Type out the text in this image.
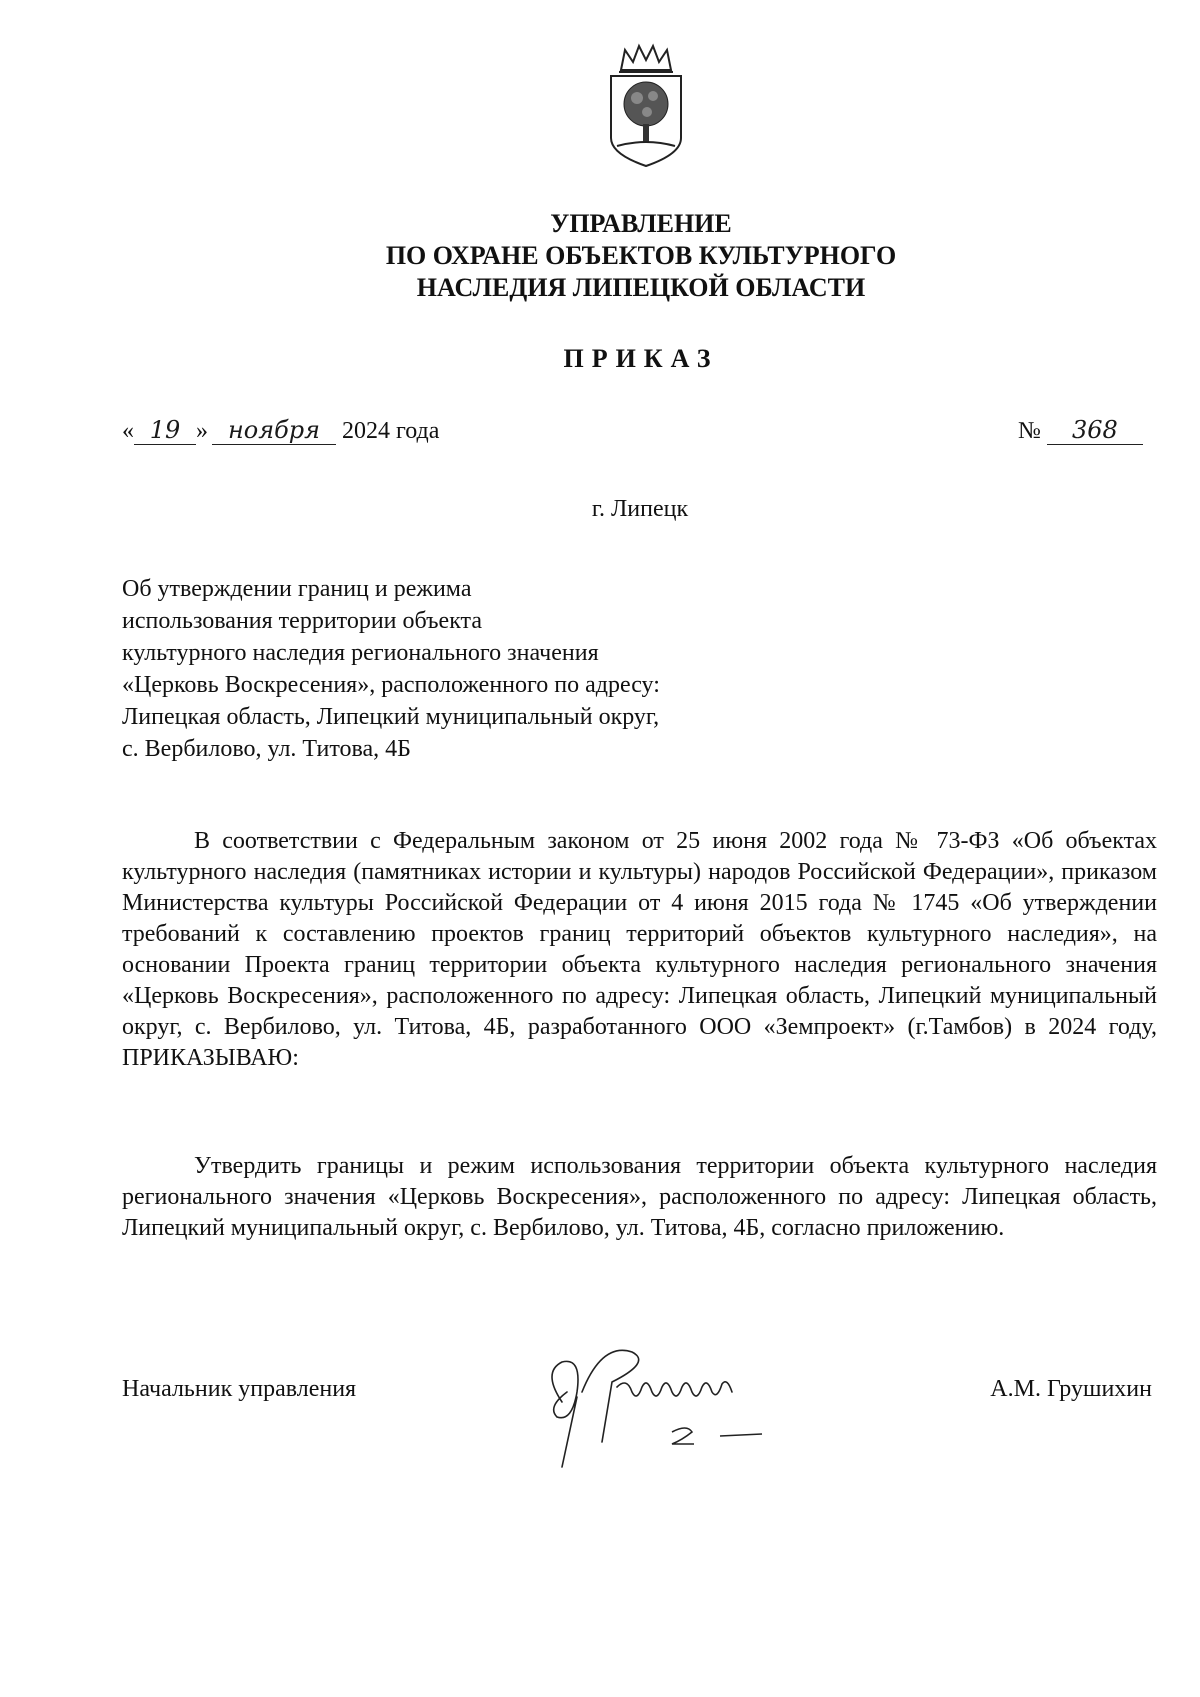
УПРАВЛЕНИЕ
ПО ОХРАНЕ ОБЪЕКТОВ КУЛЬТУРНОГО
НАСЛЕДИЯ ЛИПЕЦКОЙ ОБЛАСТИ
ПРИКАЗ
« 19 » ноября 2024 года	№ 368
г. Липецк
Об утверждении границ и режима
использования территории объекта
культурного наследия регионального значения
«Церковь Воскресения», расположенного по адресу:
Липецкая область, Липецкий муниципальный округ,
с. Вербилово, ул. Титова, 4Б
В соответствии с Федеральным законом от 25 июня 2002 года № 73-ФЗ «Об объектах культурного наследия (памятниках истории и культуры) народов Российской Федерации», приказом Министерства культуры Российской Федерации от 4 июня 2015 года № 1745 «Об утверждении требований к составлению проектов границ территорий объектов культурного наследия», на основании Проекта границ территории объекта культурного наследия регионального значения «Церковь Воскресения», расположенного по адресу: Липецкая область, Липецкий муниципальный округ, с. Вербилово, ул. Титова, 4Б, разработанного ООО «Земпроект» (г.Тамбов) в 2024 году, ПРИКАЗЫВАЮ:
Утвердить границы и режим использования территории объекта культурного наследия регионального значения «Церковь Воскресения», расположенного по адресу: Липецкая область, Липецкий муниципальный округ, с. Вербилово, ул. Титова, 4Б, согласно приложению.
Начальник управления	А.М. Грушихин
